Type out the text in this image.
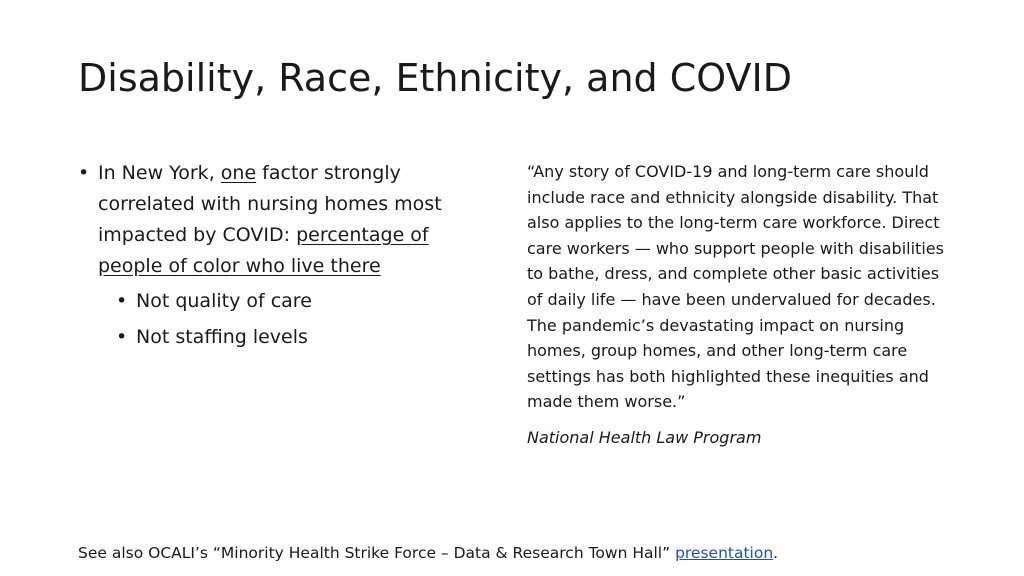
Disability, Race, Ethnicity, and COVID
• In New York, one factor strongly correlated with nursing homes most impacted by COVID: percentage of people of color who live there
• Not quality of care
• Not staffing levels
“Any story of COVID-19 and long-term care should include race and ethnicity alongside disability. That also applies to the long-term care workforce. Direct care workers — who support people with disabilities to bathe, dress, and complete other basic activities of daily life — have been undervalued for decades. The pandemic’s devastating impact on nursing homes, group homes, and other long-term care settings has both highlighted these inequities and made them worse.”
National Health Law Program
See also OCALI’s “Minority Health Strike Force – Data & Research Town Hall” presentation.
